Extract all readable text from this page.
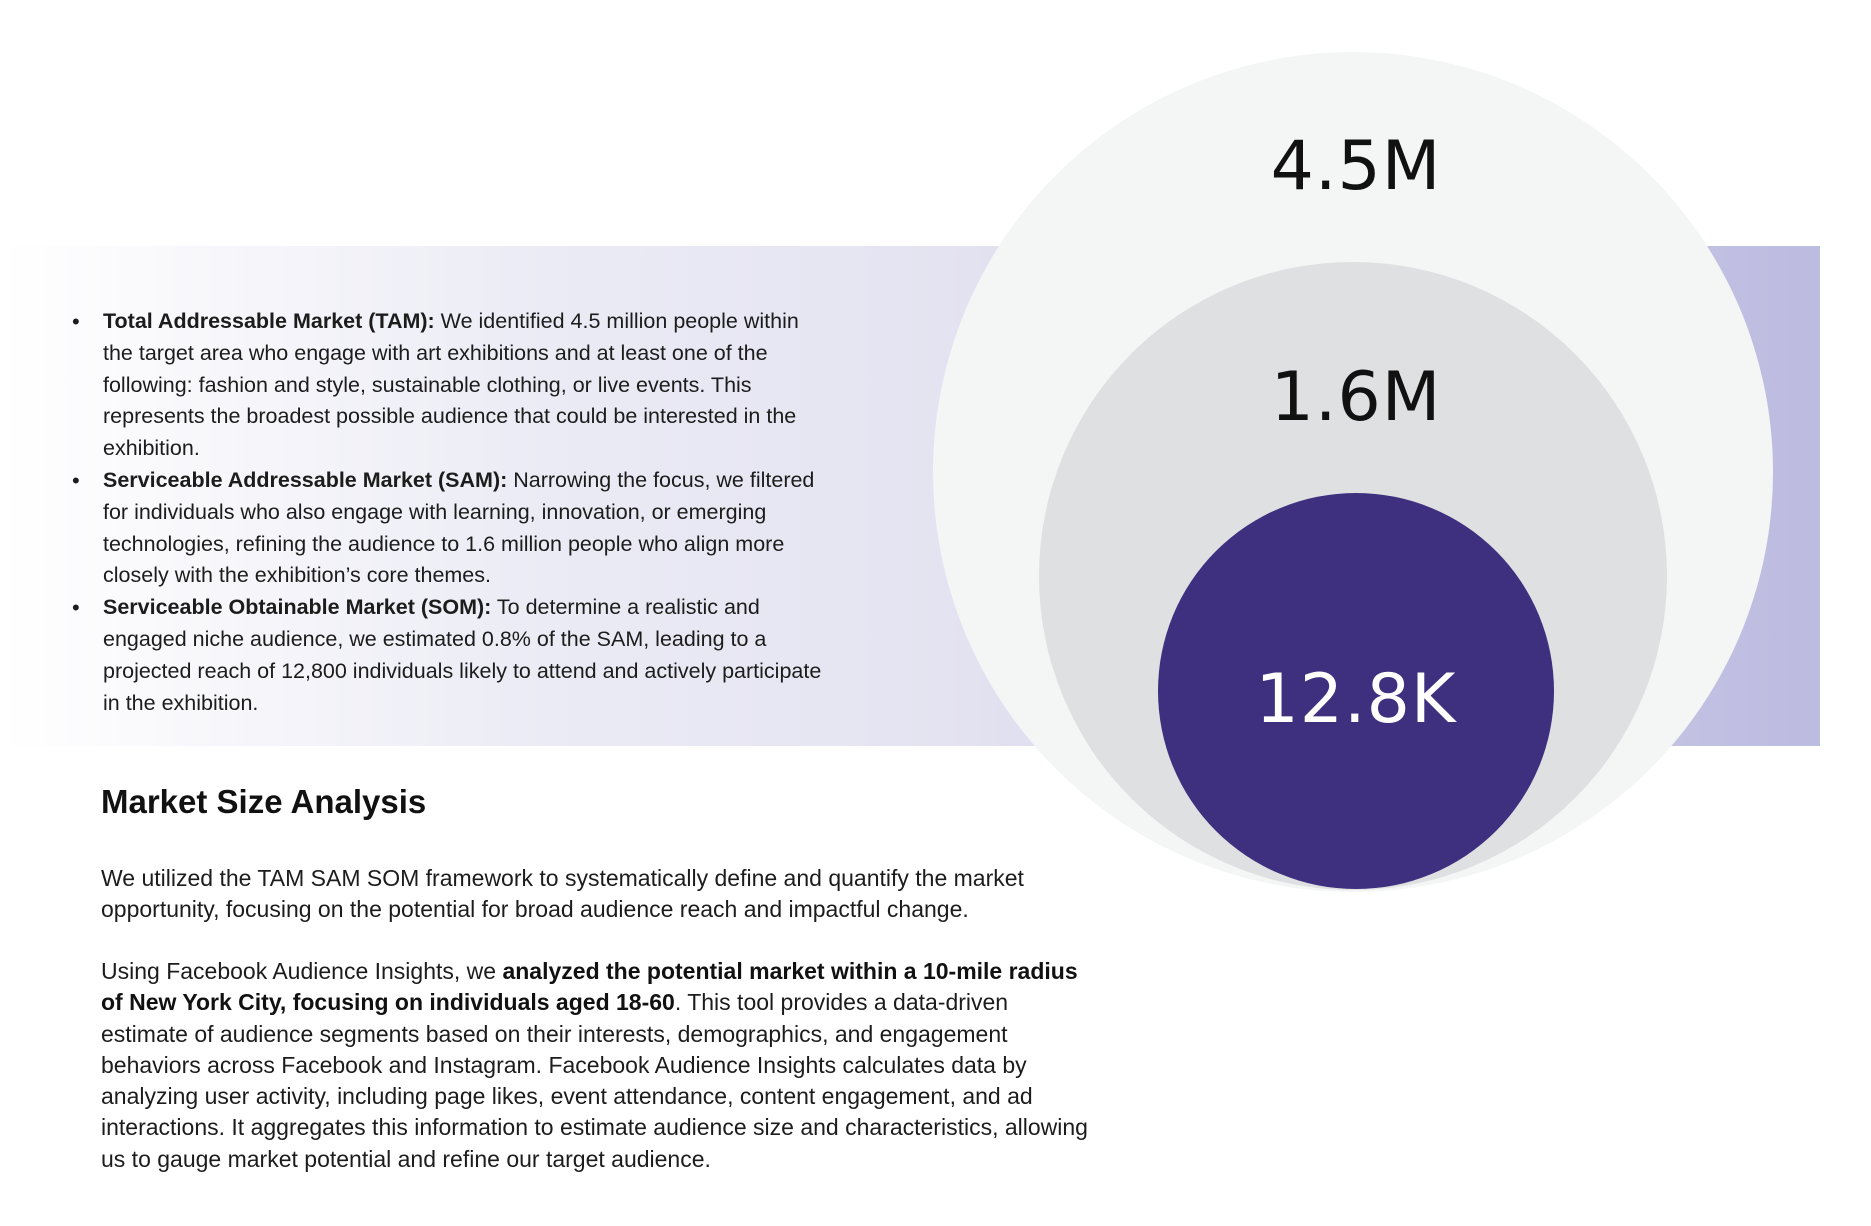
4.5M
1.6M
12.8K
• Total Addressable Market (TAM): We identified 4.5 million people within the target area who engage with art exhibitions and at least one of the following: fashion and style, sustainable clothing, or live events. This represents the broadest possible audience that could be interested in the exhibition.
• Serviceable Addressable Market (SAM): Narrowing the focus, we filtered for individuals who also engage with learning, innovation, or emerging technologies, refining the audience to 1.6 million people who align more closely with the exhibition’s core themes.
• Serviceable Obtainable Market (SOM): To determine a realistic and engaged niche audience, we estimated 0.8% of the SAM, leading to a projected reach of 12,800 individuals likely to attend and actively participate in the exhibition.
Market Size Analysis

We utilized the TAM SAM SOM framework to systematically define and quantify the market opportunity, focusing on the potential for broad audience reach and impactful change.

Using Facebook Audience Insights, we analyzed the potential market within a 10-mile radius of New York City, focusing on individuals aged 18-60. This tool provides a data-driven estimate of audience segments based on their interests, demographics, and engagement behaviors across Facebook and Instagram. Facebook Audience Insights calculates data by analyzing user activity, including page likes, event attendance, content engagement, and ad interactions. It aggregates this information to estimate audience size and characteristics, allowing us to gauge market potential and refine our target audience.
